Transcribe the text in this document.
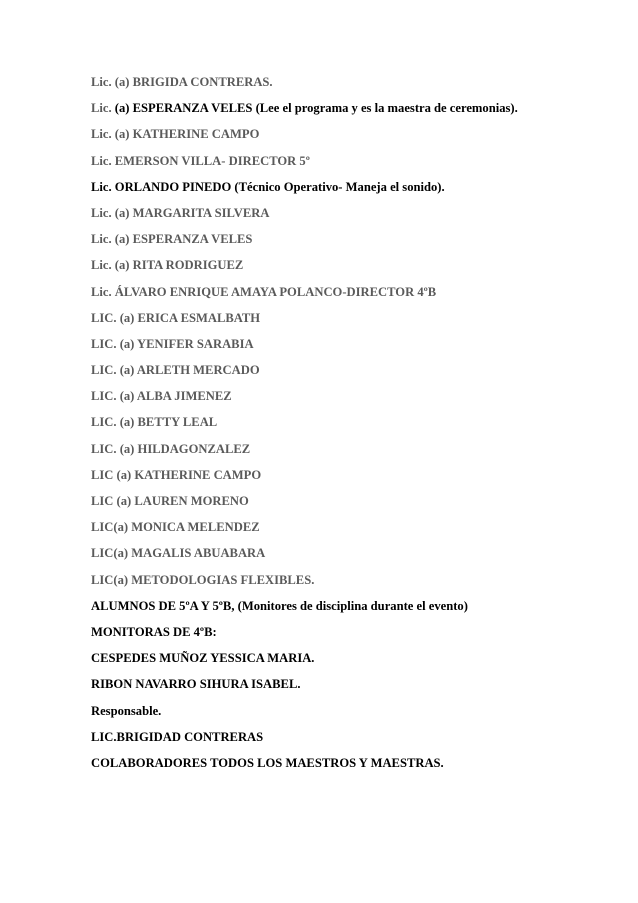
Lic. (a) BRIGIDA CONTRERAS.
Lic. (a) ESPERANZA VELES (Lee el programa y es la maestra de ceremonias).
Lic. (a) KATHERINE CAMPO
Lic. EMERSON VILLA- DIRECTOR 5º
Lic. ORLANDO PINEDO (Técnico Operativo- Maneja el sonido).
Lic. (a) MARGARITA SILVERA
Lic. (a) ESPERANZA VELES
Lic. (a) RITA RODRIGUEZ
Lic. ÁLVARO ENRIQUE AMAYA POLANCO-DIRECTOR 4ºB
LIC. (a) ERICA ESMALBATH
LIC. (a) YENIFER SARABIA
LIC. (a) ARLETH MERCADO
LIC. (a) ALBA JIMENEZ
LIC. (a) BETTY LEAL
LIC. (a) HILDAGONZALEZ
LIC (a) KATHERINE CAMPO
LIC (a) LAUREN MORENO
LIC(a) MONICA MELENDEZ
LIC(a) MAGALIS ABUABARA
LIC(a) METODOLOGIAS FLEXIBLES.
ALUMNOS DE 5ºA Y 5ºB, (Monitores de disciplina durante el evento)
MONITORAS DE 4ºB:
CESPEDES MUÑOZ YESSICA MARIA.
RIBON NAVARRO SIHURA ISABEL.
Responsable.
LIC.BRIGIDAD CONTRERAS
COLABORADORES TODOS LOS MAESTROS Y MAESTRAS.
